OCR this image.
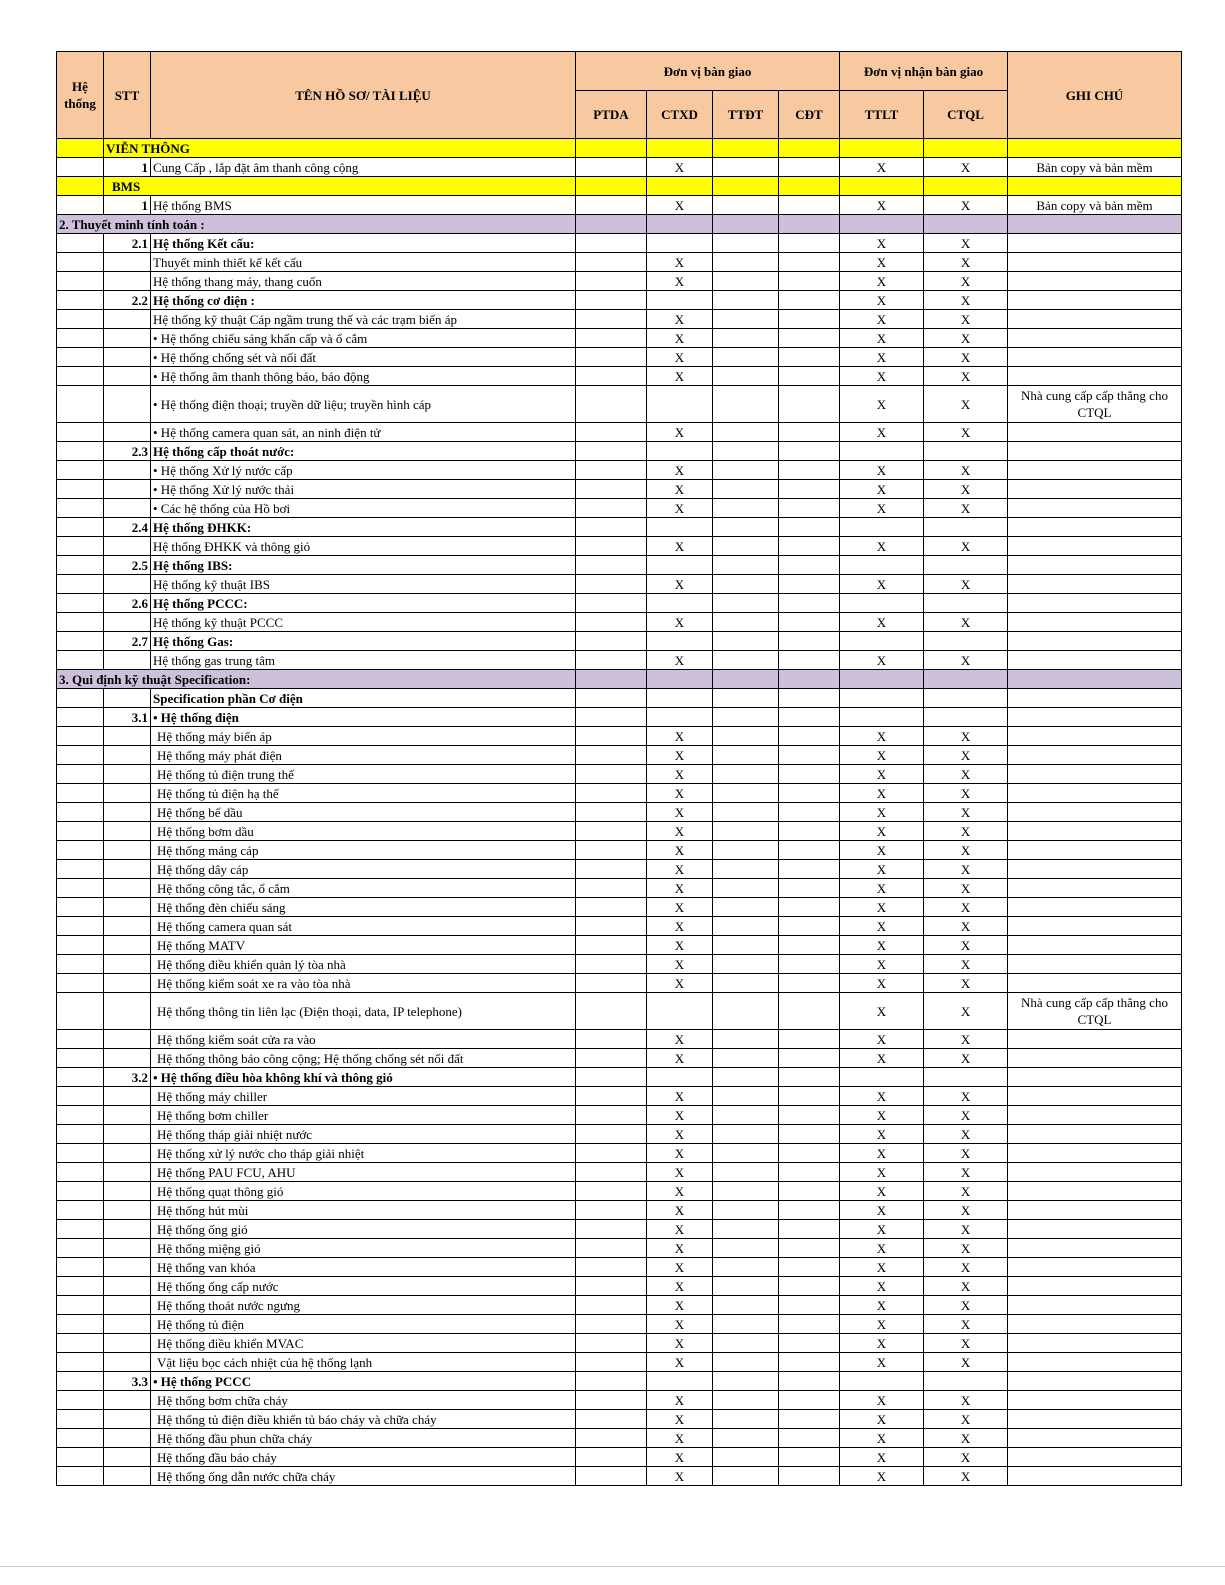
Hệ thống	STT	TÊN HỒ SƠ/ TÀI LIỆU	Đơn vị bàn giao				Đơn vị nhận bàn giao		GHI CHÚ
			PTDA	CTXD	TTĐT	CĐT	TTLT	CTQL	
	VIỄN THÔNG								
	1	Cung Cấp , lắp đặt âm thanh công cộng		X			X	X	Bản copy và bản mềm
	BMS								
	1	Hệ thống BMS		X			X	X	Bản copy và bản mềm
2. Thuyết minh tính toán :									
	2.1	Hệ thống Kết cấu:					X	X	
		Thuyết minh thiết kế kết cấu		X			X	X	
		Hệ thống thang máy, thang cuốn		X			X	X	
	2.2	Hệ thống cơ điện :					X	X	
		Hệ thống kỹ thuật Cáp ngầm trung thế và các trạm biến áp		X			X	X	
		• Hệ thống chiếu sáng khẩn cấp và ổ cắm		X			X	X	
		• Hệ thống chống sét và nối đất		X			X	X	
		• Hệ thống âm thanh thông báo, báo động		X			X	X	
		• Hệ thống điện thoại; truyền dữ liệu; truyền hình cáp					X	X	Nhà cung cấp cấp thẳng cho CTQL
		• Hệ thống camera quan sát, an ninh điện tử		X			X	X	
	2.3	Hệ thống cấp thoát nước:							
		• Hệ thống Xử lý nước cấp		X			X	X	
		• Hệ thống Xử lý nước thải		X			X	X	
		• Các hệ thống của Hồ bơi		X			X	X	
	2.4	Hệ thống ĐHKK:							
		Hệ thống ĐHKK và thông gió		X			X	X	
	2.5	Hệ thống IBS:							
		Hệ thống kỹ thuật IBS		X			X	X	
	2.6	Hệ thống PCCC:							
		Hệ thống kỹ thuật PCCC		X			X	X	
	2.7	Hệ thống Gas:							
		Hệ thống gas trung tâm		X			X	X	
3. Qui định kỹ thuật Specification:									
		Specification phần Cơ điện							
	3.1	• Hệ thống điện							
		Hệ thống máy biến áp		X			X	X	
		Hệ thống máy phát điện		X			X	X	
		Hệ thống tủ điện trung thế		X			X	X	
		Hệ thống tủ điện hạ thế		X			X	X	
		Hệ thống bể dầu		X			X	X	
		Hệ thống bơm dầu		X			X	X	
		Hệ thống máng cáp		X			X	X	
		Hệ thống dây cáp		X			X	X	
		Hệ thống công tắc, ổ cắm		X			X	X	
		Hệ thống đèn chiếu sáng		X			X	X	
		Hệ thống camera quan sát		X			X	X	
		Hệ thống MATV		X			X	X	
		Hệ thống điều khiển quản lý tòa nhà		X			X	X	
		Hệ thống kiểm soát xe ra vào tòa nhà		X			X	X	
		Hệ thống thông tin liên lạc (Điện thoại, data, IP telephone)					X	X	Nhà cung cấp cấp thẳng cho CTQL
		Hệ thống kiểm soát cửa ra vào		X			X	X	
		Hệ thống thông báo công cộng; Hệ thống chống sét nối đất		X			X	X	
	3.2	• Hệ thống điều hòa không khí và thông gió							
		Hệ thống máy chiller		X			X	X	
		Hệ thống bơm chiller		X			X	X	
		Hệ thống tháp giải nhiệt nước		X			X	X	
		Hệ thống xử lý nước cho tháp giải nhiệt		X			X	X	
		Hệ thống PAU FCU, AHU		X			X	X	
		Hệ thống quạt thông gió		X			X	X	
		Hệ thống hút mùi		X			X	X	
		Hệ thống ống gió		X			X	X	
		Hệ thống miệng gió		X			X	X	
		Hệ thống van khóa		X			X	X	
		Hệ thống ống cấp nước		X			X	X	
		Hệ thống thoát nước ngưng		X			X	X	
		Hệ thống tủ điện		X			X	X	
		Hệ thống điều khiển MVAC		X			X	X	
		Vật liệu bọc cách nhiệt của hệ thống lạnh		X			X	X	
	3.3	• Hệ thống PCCC							
		Hệ thống bơm chữa cháy		X			X	X	
		Hệ thống tủ điện điều khiển tủ báo cháy và chữa cháy		X			X	X	
		Hệ thống đầu phun chữa cháy		X			X	X	
		Hệ thống đầu báo cháy		X			X	X	
		Hệ thống ống dẫn nước chữa cháy		X			X	X	
